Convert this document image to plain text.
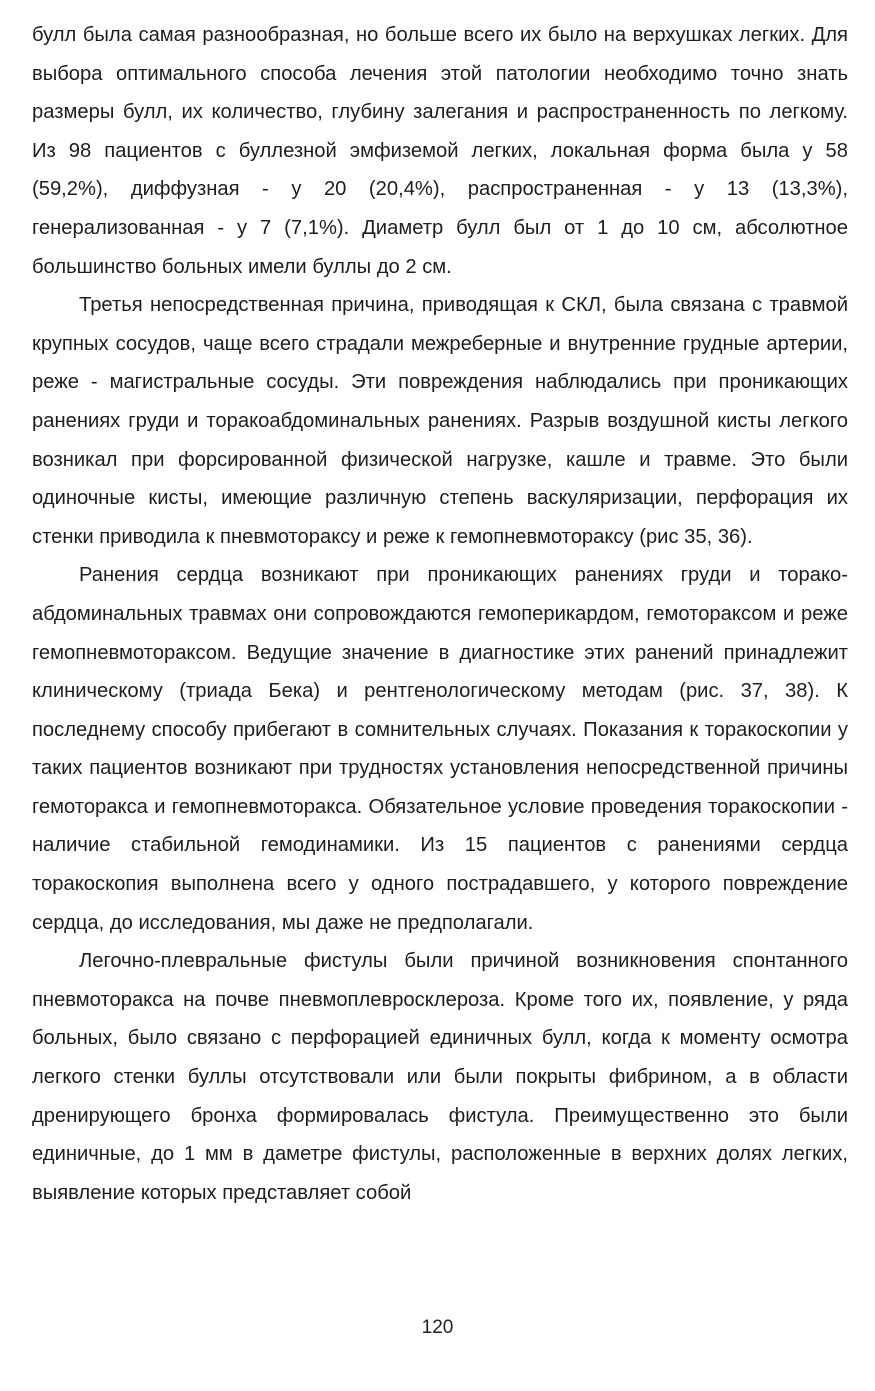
булл была самая разнообразная, но больше всего их было на верхушках легких. Для выбора оптимального способа лечения этой патологии необходимо точно знать размеры булл, их количество, глубину залегания и распространенность по легкому. Из 98 пациентов с буллезной эмфиземой легких, локальная форма была у 58 (59,2%), диффузная - у 20 (20,4%), распространенная - у 13 (13,3%), генерализованная - у 7 (7,1%). Диаметр булл был от 1 до 10 см, абсолютное большинство больных имели буллы до 2 см.

Третья непосредственная причина, приводящая к СКЛ, была связана с травмой крупных сосудов, чаще всего страдали межреберные и внутренние грудные артерии, реже - магистральные сосуды. Эти повреждения наблюдались при проникающих ранениях груди и торакоабдоминальных ранениях. Разрыв воздушной кисты легкого возникал при форсированной физической нагрузке, кашле и травме. Это были одиночные кисты, имеющие различную степень васкуляризации, перфорация их стенки приводила к пневмотораксу и реже к гемопневмотораксу (рис 35, 36).

Ранения сердца возникают при проникающих ранениях груди и торакоабдоминальных травмах они сопровождаются гемоперикардом, гемотораксом и реже гемопневмотораксом. Ведущие значение в диагностике этих ранений принадлежит клиническому (триада Бека) и рентгенологическому методам (рис. 37, 38). К последнему способу прибегают в сомнительных случаях. Показания к торакоскопии у таких пациентов возникают при трудностях установления непосредственной причины гемоторакса и гемопневмоторакса. Обязательное условие проведения торакоскопии - наличие стабильной гемодинамики. Из 15 пациентов с ранениями сердца торакоскопия выполнена всего у одного пострадавшего, у которого повреждение сердца, до исследования, мы даже не предполагали.

Легочно-плевральные фистулы были причиной возникновения спонтанного пневмоторакса на почве пневмоплевросклероза. Кроме того их, появление, у ряда больных, было связано с перфорацией единичных булл, когда к моменту осмотра легкого стенки буллы отсутствовали или были покрыты фибрином, а в области дренирующего бронха формировалась фистула. Преимущественно это были единичные, до 1 мм в даметре фистулы, расположенные в верхних долях легких, выявление которых представляет собой

120
